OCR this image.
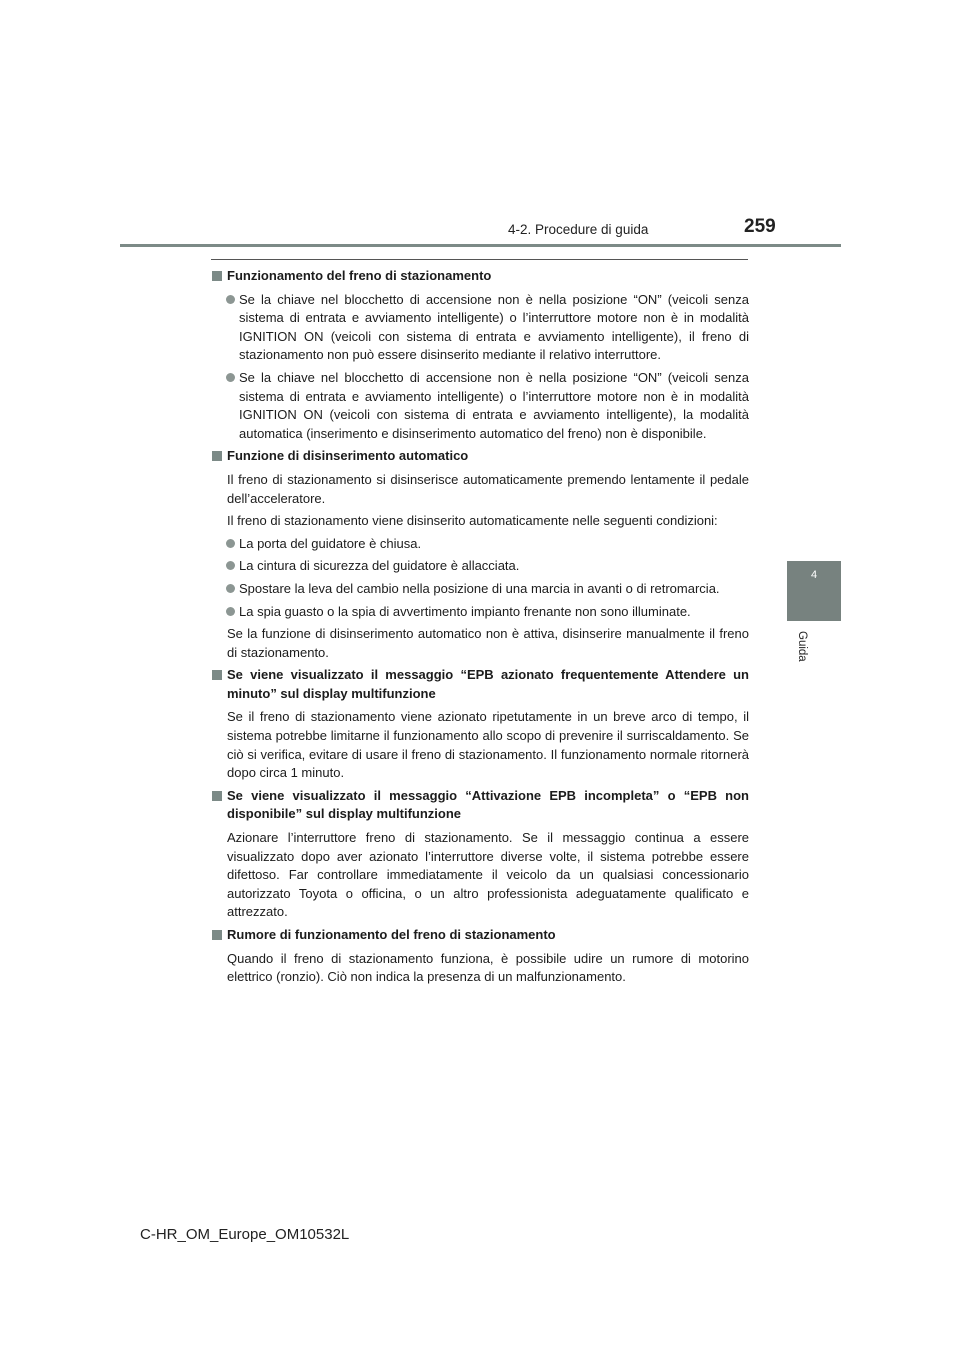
4-2. Procedure di guida	259
4
Guida
Funzionamento del freno di stazionamento
Se la chiave nel blocchetto di accensione non è nella posizione “ON” (veicoli senza sistema di entrata e avviamento intelligente) o l’interruttore motore non è in modalità IGNITION ON (veicoli con sistema di entrata e avviamento intelligente), il freno di stazionamento non può essere disinserito mediante il relativo interruttore.
Se la chiave nel blocchetto di accensione non è nella posizione “ON” (veicoli senza sistema di entrata e avviamento intelligente) o l’interruttore motore non è in modalità IGNITION ON (veicoli con sistema di entrata e avviamento intelligente), la modalità automatica (inserimento e disinserimento automatico del freno) non è disponibile.
Funzione di disinserimento automatico
Il freno di stazionamento si disinserisce automaticamente premendo lentamente il pedale dell’acceleratore.
Il freno di stazionamento viene disinserito automaticamente nelle seguenti condizioni:
La porta del guidatore è chiusa.
La cintura di sicurezza del guidatore è allacciata.
Spostare la leva del cambio nella posizione di una marcia in avanti o di retromarcia.
La spia guasto o la spia di avvertimento impianto frenante non sono illuminate.
Se la funzione di disinserimento automatico non è attiva, disinserire manualmente il freno di stazionamento.
Se viene visualizzato il messaggio “EPB azionato frequentemente Attendere un minuto” sul display multifunzione
Se il freno di stazionamento viene azionato ripetutamente in un breve arco di tempo, il sistema potrebbe limitarne il funzionamento allo scopo di prevenire il surriscaldamento. Se ciò si verifica, evitare di usare il freno di stazionamento. Il funzionamento normale ritornerà dopo circa 1 minuto.
Se viene visualizzato il messaggio “Attivazione EPB incompleta” o “EPB non disponibile” sul display multifunzione
Azionare l’interruttore freno di stazionamento. Se il messaggio continua a essere visualizzato dopo aver azionato l’interruttore diverse volte, il sistema potrebbe essere difettoso. Far controllare immediatamente il veicolo da un qualsiasi concessionario autorizzato Toyota o officina, o un altro professionista adeguatamente qualificato e attrezzato.
Rumore di funzionamento del freno di stazionamento
Quando il freno di stazionamento funziona, è possibile udire un rumore di motorino elettrico (ronzio). Ciò non indica la presenza di un malfunzionamento.
C-HR_OM_Europe_OM10532L
